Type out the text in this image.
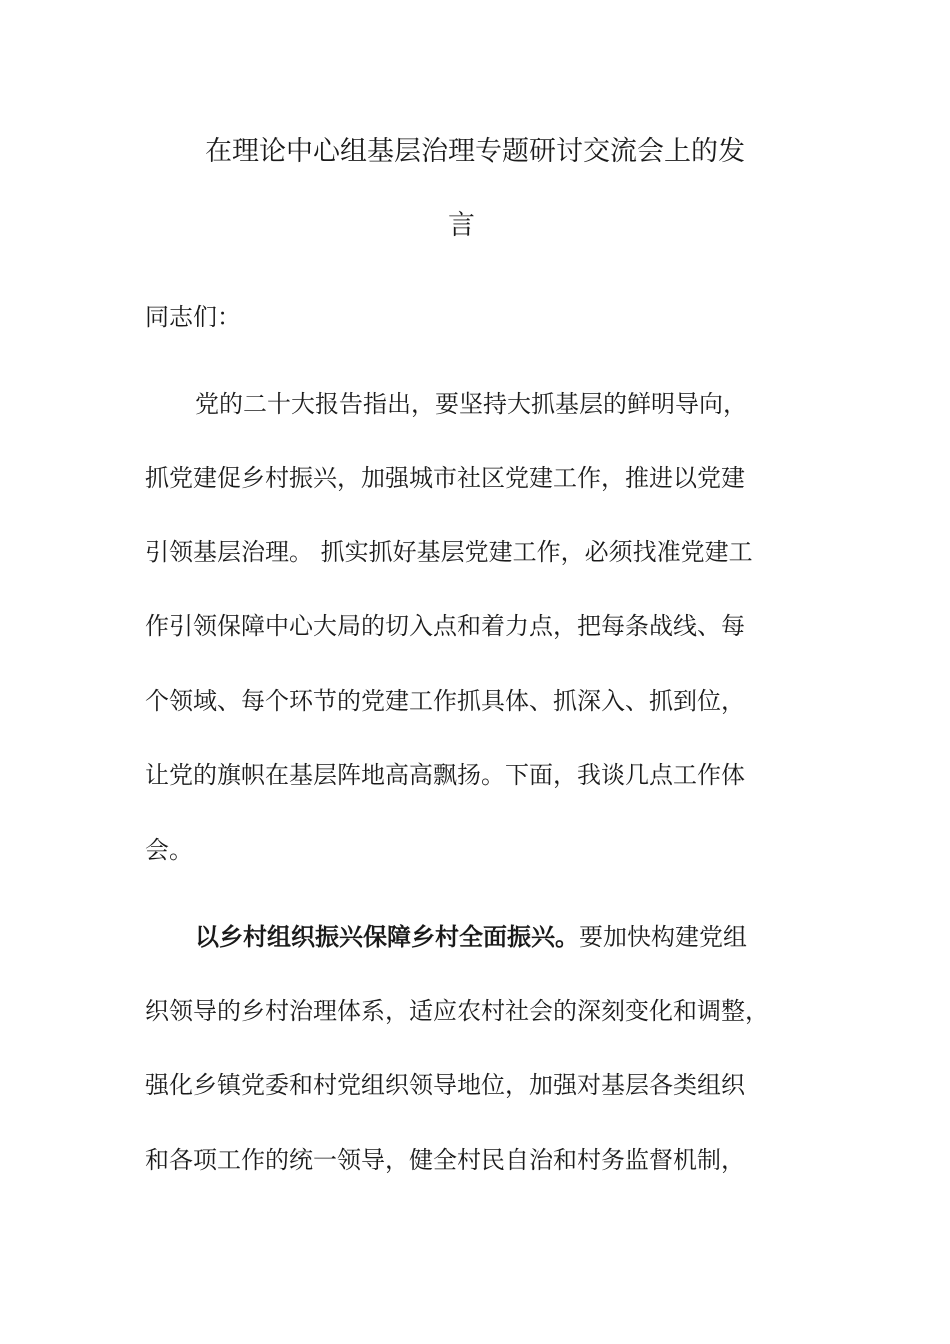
在理论中心组基层治理专题研讨交流会上的发
言
同志们：
党的二十大报告指出，要坚持大抓基层的鲜明导向，
抓党建促乡村振兴，加强城市社区党建工作，推进以党建
引领基层治理。 抓实抓好基层党建工作，必须找准党建工
作引领保障中心大局的切入点和着力点，把每条战线、每
个领域、每个环节的党建工作抓具体、抓深入、抓到位，
让党的旗帜在基层阵地高高飘扬。下面，我谈几点工作体
会。
以乡村组织振兴保障乡村全面振兴。要加快构建党组
织领导的乡村治理体系，适应农村社会的深刻变化和调整，
强化乡镇党委和村党组织领导地位，加强对基层各类组织
和各项工作的统一领导，健全村民自治和村务监督机制，
